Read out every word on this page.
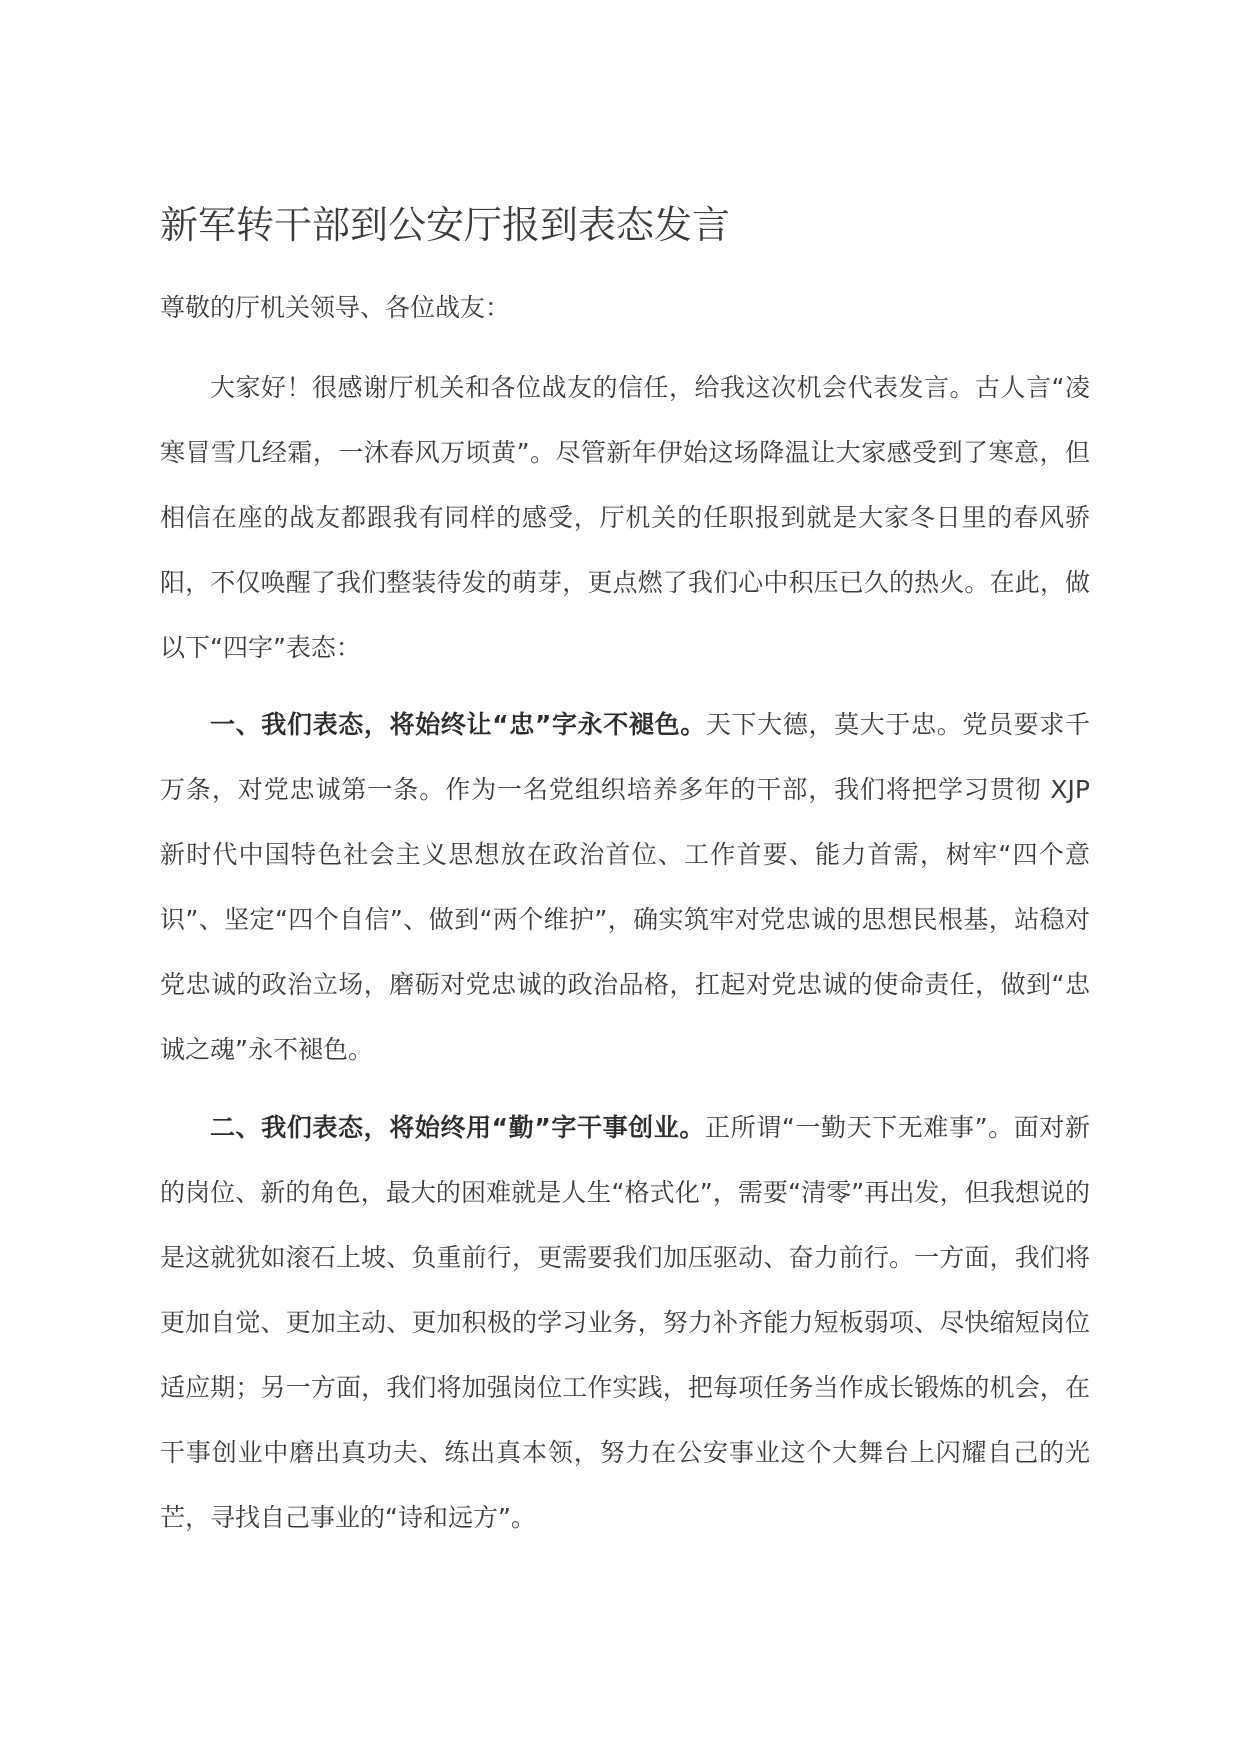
新军转干部到公安厅报到表态发言
尊敬的厅机关领导、各位战友：

大家好！很感谢厅机关和各位战友的信任，给我这次机会代表发言。古人言“凌寒冒雪几经霜，一沐春风万顷黄”。尽管新年伊始这场降温让大家感受到了寒意，但相信在座的战友都跟我有同样的感受，厅机关的任职报到就是大家冬日里的春风骄阳，不仅唤醒了我们整装待发的萌芽，更点燃了我们心中积压已久的热火。在此，做以下“四字”表态：

一、我们表态，将始终让“忠”字永不褪色。天下大德，莫大于忠。党员要求千万条，对党忠诚第一条。作为一名党组织培养多年的干部，我们将把学习贯彻 XJP 新时代中国特色社会主义思想放在政治首位、工作首要、能力首需，树牢“四个意识”、坚定“四个自信”、做到“两个维护”，确实筑牢对党忠诚的思想民根基，站稳对党忠诚的政治立场，磨砺对党忠诚的政治品格，扛起对党忠诚的使命责任，做到“忠诚之魂”永不褪色。

二、我们表态，将始终用“勤”字干事创业。正所谓“一勤天下无难事”。面对新的岗位、新的角色，最大的困难就是人生“格式化”，需要“清零”再出发，但我想说的是这就犹如滚石上坡、负重前行，更需要我们加压驱动、奋力前行。一方面，我们将更加自觉、更加主动、更加积极的学习业务，努力补齐能力短板弱项、尽快缩短岗位适应期；另一方面，我们将加强岗位工作实践，把每项任务当作成长锻炼的机会，在干事创业中磨出真功夫、练出真本领，努力在公安事业这个大舞台上闪耀自己的光芒，寻找自己事业的“诗和远方”。
